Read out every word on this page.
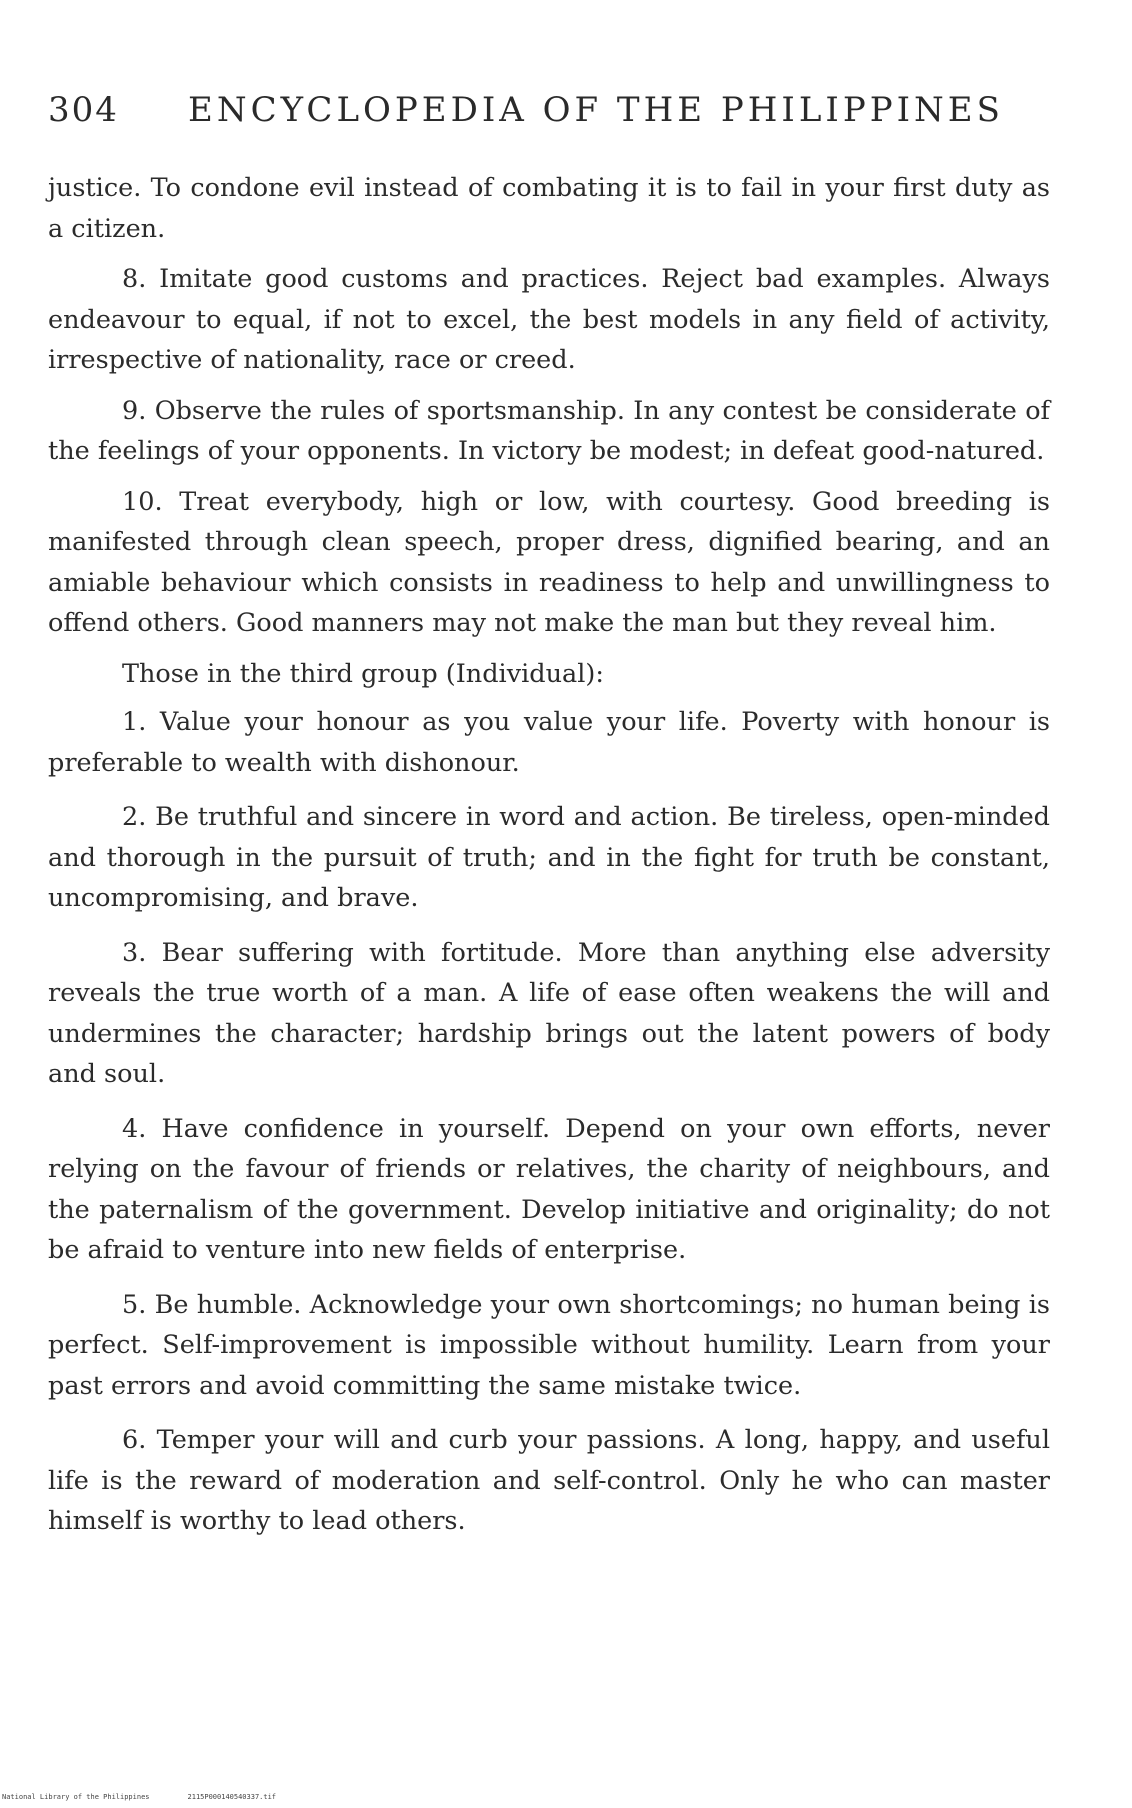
304 ENCYCLOPEDIA OF THE PHILIPPINES

justice. To condone evil instead of combating it is to fail in your first duty as a citizen.

8. Imitate good customs and practices. Reject bad examples. Always endeavour to equal, if not to excel, the best models in any field of activity, irrespective of nationality, race or creed.

9. Observe the rules of sportsmanship. In any contest be considerate of the feelings of your opponents. In victory be modest; in defeat good-natured.

10. Treat everybody, high or low, with courtesy. Good breeding is manifested through clean speech, proper dress, dignified bearing, and an amiable behaviour which consists in readiness to help and unwillingness to offend others. Good manners may not make the man but they reveal him.

Those in the third group (Individual):

1. Value your honour as you value your life. Poverty with honour is preferable to wealth with dishonour.

2. Be truthful and sincere in word and action. Be tireless, open-minded and thorough in the pursuit of truth; and in the fight for truth be constant, uncompromising, and brave.

3. Bear suffering with fortitude. More than anything else adversity reveals the true worth of a man. A life of ease often weakens the will and undermines the character; hardship brings out the latent powers of body and soul.

4. Have confidence in yourself. Depend on your own efforts, never relying on the favour of friends or relatives, the charity of neighbours, and the paternalism of the government. Develop initiative and originality; do not be afraid to venture into new fields of enterprise.

5. Be humble. Acknowledge your own shortcomings; no human being is perfect. Self-improvement is impossible without humility. Learn from your past errors and avoid committing the same mistake twice.

6. Temper your will and curb your passions. A long, happy, and useful life is the reward of moderation and self-control. Only he who can master himself is worthy to lead others.

National Library of the Philippines	2115P000140540337.tif
